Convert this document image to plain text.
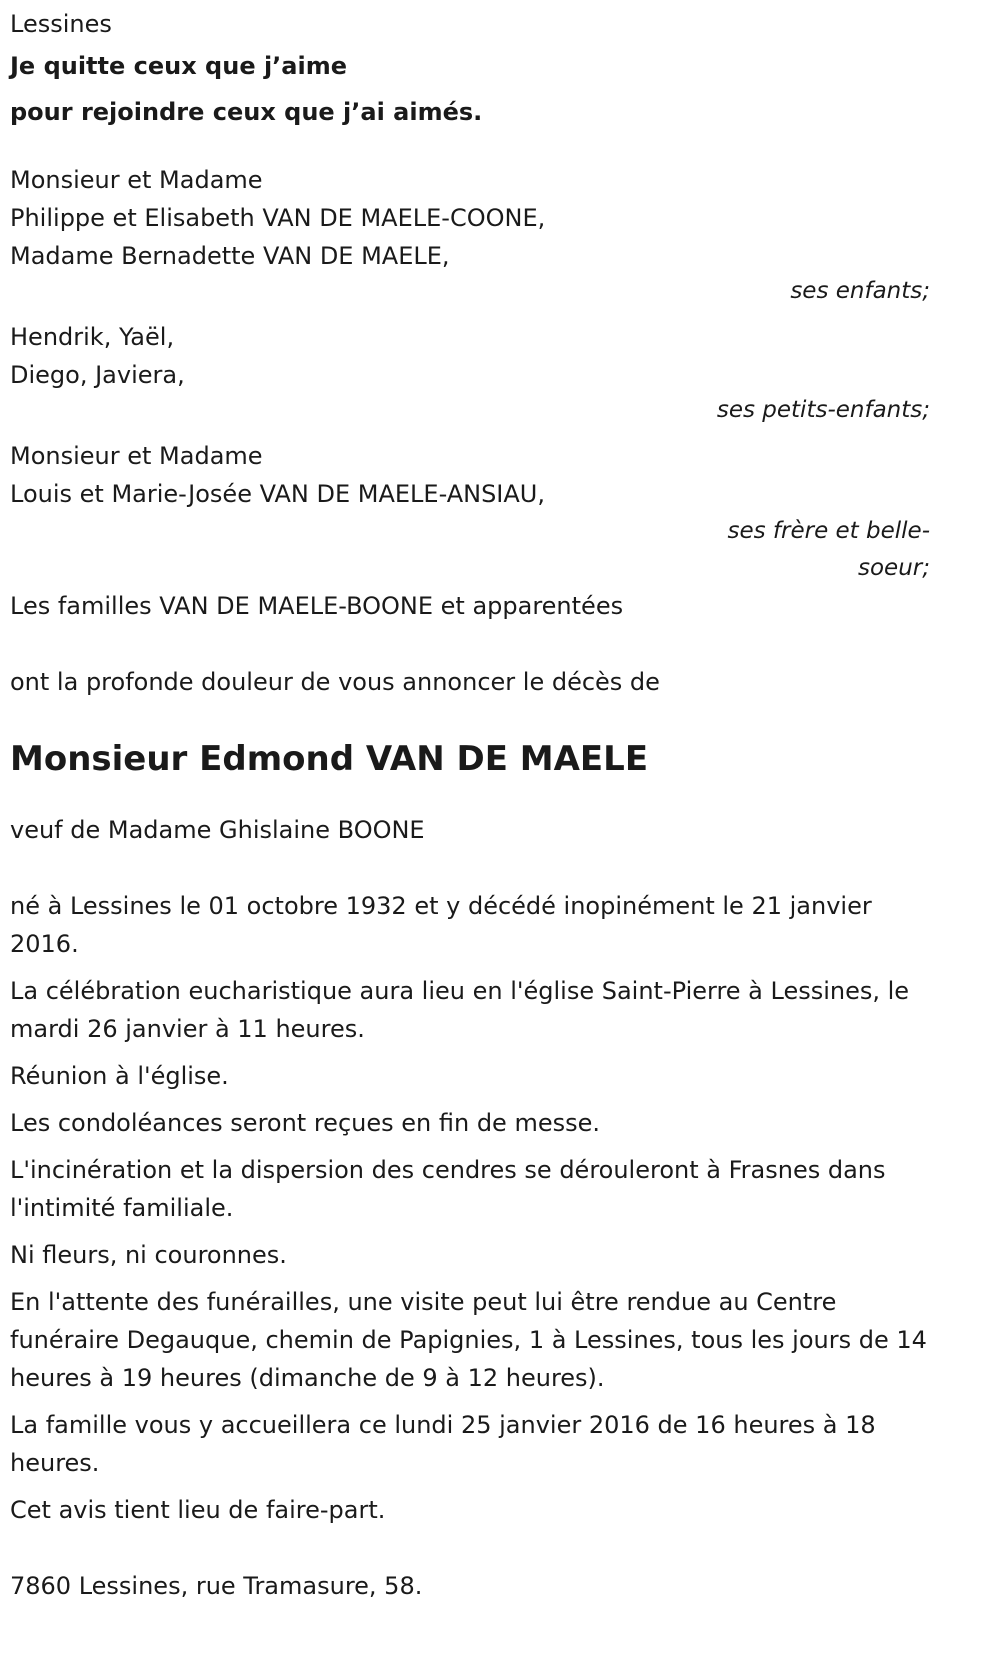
Lessines
Je quitte ceux que j’aime
pour rejoindre ceux que j’ai aimés.
Monsieur et Madame
Philippe et Elisabeth VAN DE MAELE-COONE,
Madame Bernadette VAN DE MAELE,
ses enfants;
Hendrik, Yaël,
Diego, Javiera,
ses petits-enfants;
Monsieur et Madame
Louis et Marie-Josée VAN DE MAELE-ANSIAU,
ses frère et belle-
soeur;
Les familles VAN DE MAELE-BOONE et apparentées
ont la profonde douleur de vous annoncer le décès de
Monsieur Edmond VAN DE MAELE
veuf de Madame Ghislaine BOONE
né à Lessines le 01 octobre 1932 et y décédé inopinément le 21 janvier 2016.
La célébration eucharistique aura lieu en l'église Saint-Pierre à Lessines, le mardi 26 janvier à 11 heures.
Réunion à l'église.
Les condoléances seront reçues en fin de messe.
L'incinération et la dispersion des cendres se dérouleront à Frasnes dans l'intimité familiale.
Ni fleurs, ni couronnes.
En l'attente des funérailles, une visite peut lui être rendue au Centre funéraire Degauque, chemin de Papignies, 1 à Lessines, tous les jours de 14 heures à 19 heures (dimanche de 9 à 12 heures).
La famille vous y accueillera ce lundi 25 janvier 2016 de 16 heures à 18 heures.
Cet avis tient lieu de faire-part.
7860 Lessines, rue Tramasure, 58.
